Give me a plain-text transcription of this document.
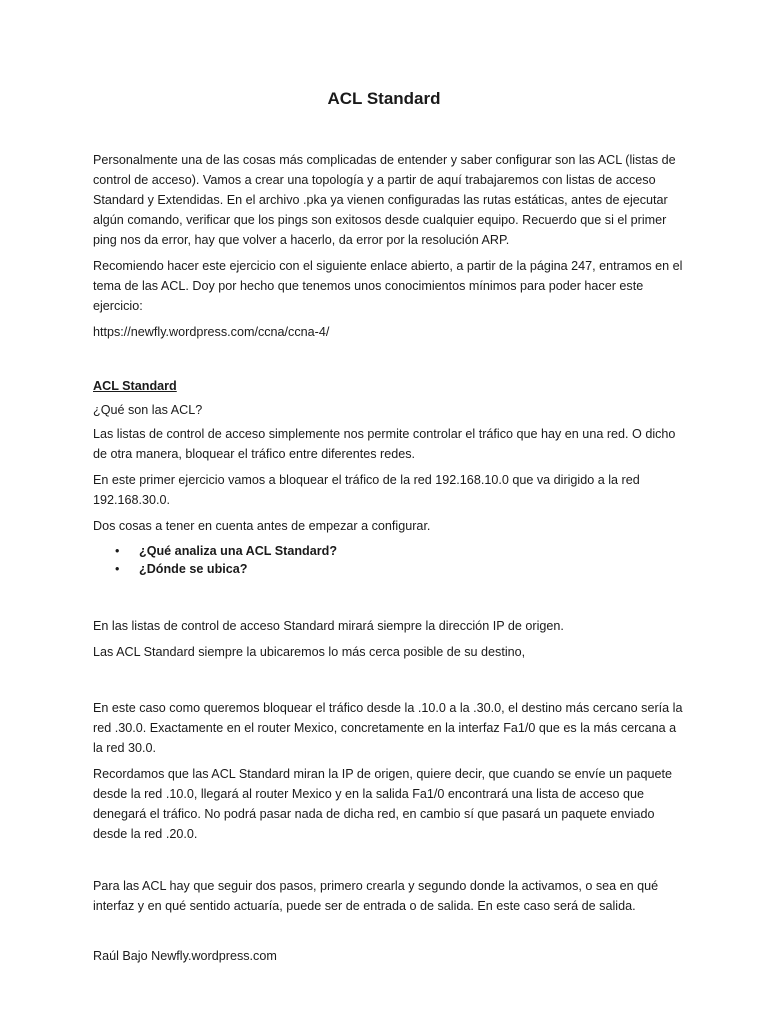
ACL Standard

Personalmente una de las cosas más complicadas de entender y saber configurar son las ACL (listas de control de acceso). Vamos a crear una topología y a partir de aquí trabajaremos con listas de acceso Standard y Extendidas. En el archivo .pka ya vienen configuradas las rutas estáticas, antes de ejecutar algún comando, verificar que los pings son exitosos desde cualquier equipo. Recuerdo que si el primer ping nos da error, hay que volver a hacerlo, da error por la resolución ARP.

Recomiendo hacer este ejercicio con el siguiente enlace abierto, a partir de la página 247, entramos en el tema de las ACL. Doy por hecho que tenemos unos conocimientos mínimos para poder hacer este ejercicio:

https://newfly.wordpress.com/ccna/ccna-4/

ACL Standard

¿Qué son las ACL?

Las listas de control de acceso simplemente nos permite controlar el tráfico que hay en una red. O dicho de otra manera, bloquear el tráfico entre diferentes redes.

En este primer ejercicio vamos a bloquear el tráfico de la red 192.168.10.0 que va dirigido a la red 192.168.30.0.

Dos cosas a tener en cuenta antes de empezar a configurar.

• ¿Qué analiza una ACL Standard?
• ¿Dónde se ubica?

En las listas de control de acceso Standard mirará siempre la dirección IP de origen.

Las ACL Standard siempre la ubicaremos lo más cerca posible de su destino,

En este caso como queremos bloquear el tráfico desde la .10.0 a la .30.0, el destino más cercano sería la red .30.0. Exactamente en el router Mexico, concretamente en la interfaz Fa1/0 que es la más cercana a la red 30.0.

Recordamos que las ACL Standard miran la IP de origen, quiere decir, que cuando se envíe un paquete desde la red .10.0, llegará al router Mexico y en la salida Fa1/0 encontrará una lista de acceso que denegará el tráfico. No podrá pasar nada de dicha red, en cambio sí que pasará un paquete enviado desde la red .20.0.

Para las ACL hay que seguir dos pasos, primero crearla y segundo donde la activamos, o sea en qué interfaz y en qué sentido actuaría, puede ser de entrada o de salida. En este caso será de salida.

Raúl Bajo Newfly.wordpress.com
